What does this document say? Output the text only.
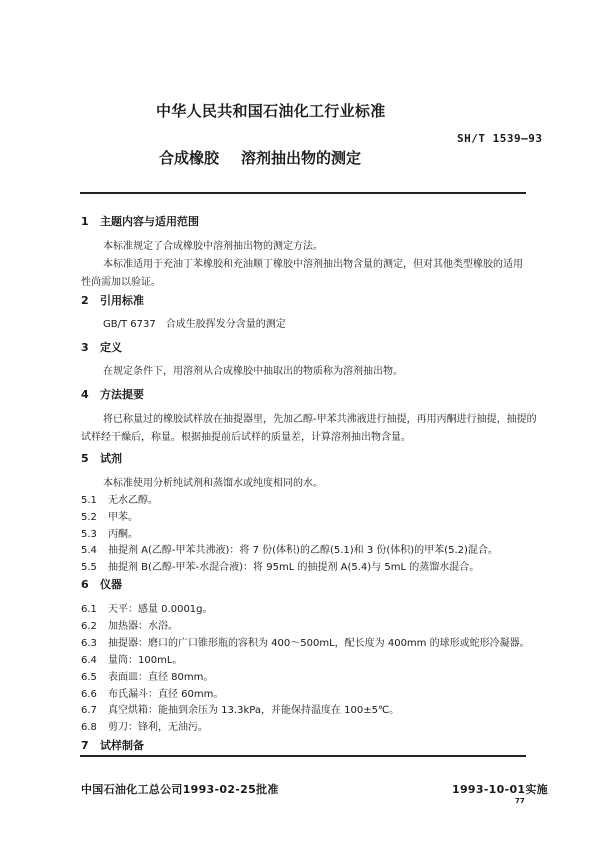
中华人民共和国石油化工行业标准
SH/T 1539—93
合成橡胶 溶剂抽出物的测定
1 主题内容与适用范围
本标准规定了合成橡胶中溶剂抽出物的测定方法。
本标准适用于充油丁苯橡胶和充油顺丁橡胶中溶剂抽出物含量的测定，但对其他类型橡胶的适用
性尚需加以验证。
2 引用标准
GB/T 6737　合成生胶挥发分含量的测定
3 定义
在规定条件下，用溶剂从合成橡胶中抽取出的物质称为溶剂抽出物。
4 方法提要
将已称量过的橡胶试样放在抽提器里，先加乙醇-甲苯共沸液进行抽提，再用丙酮进行抽提，抽提的
试样经干燥后，称量。根据抽提前后试样的质量差，计算溶剂抽出物含量。
5 试剂
本标准使用分析纯试剂和蒸馏水或纯度相同的水。
5.1 无水乙醇。
5.2 甲苯。
5.3 丙酮。
5.4 抽提剂 A(乙醇-甲苯共沸液)：将 7 份(体积)的乙醇(5.1)和 3 份(体积)的甲苯(5.2)混合。
5.5 抽提剂 B(乙醇-甲苯-水混合液)：将 95mL 的抽提剂 A(5.4)与 5mL 的蒸馏水混合。
6 仪器
6.1 天平：感量 0.0001g。
6.2 加热器：水浴。
6.3 抽提器：磨口的广口锥形瓶的容积为 400～500mL，配长度为 400mm 的球形或蛇形冷凝器。
6.4 量筒：100mL。
6.5 表面皿：直径 80mm。
6.6 布氏漏斗：直径 60mm。
6.7 真空烘箱：能抽到余压为 13.3kPa，并能保持温度在 100±5℃。
6.8 剪刀：锋利，无油污。
7 试样制备
中国石油化工总公司1993-02-25批准	1993-10-01实施
77
